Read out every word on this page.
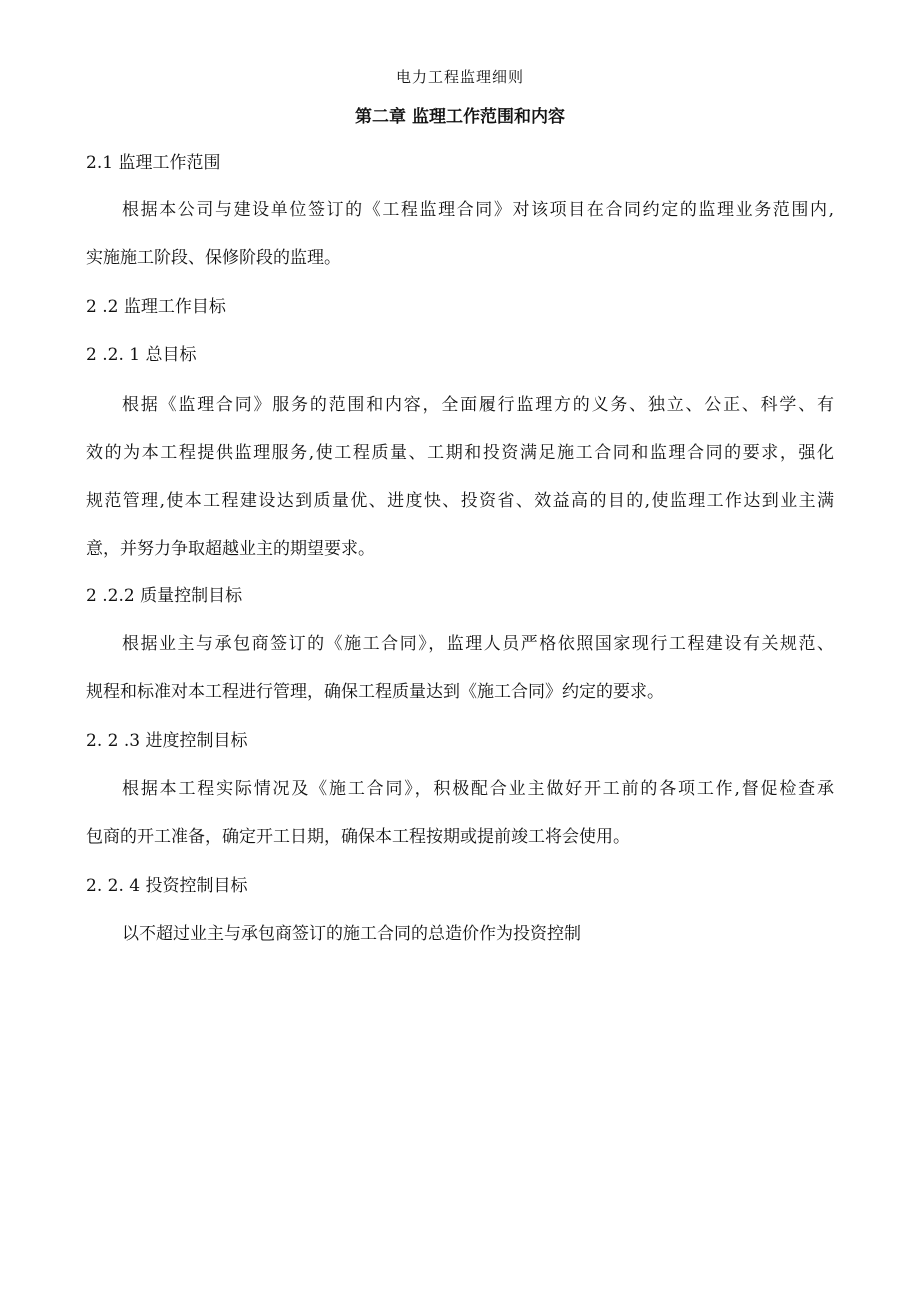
电力工程监理细则
第二章 监理工作范围和内容
2.1 监理工作范围
根据本公司与建设单位签订的《工程监理合同》对该项目在合同约定的监理业务范围内,
实施施工阶段、保修阶段的监理。
2 .2 监理工作目标
2 .2. 1 总目标
根据《监理合同》服务的范围和内容，全面履行监理方的义务、独立、公正、科学、有
效的为本工程提供监理服务,使工程质量、工期和投资满足施工合同和监理合同的要求，强化
规范管理,使本工程建设达到质量优、进度快、投资省、效益高的目的,使监理工作达到业主满
意，并努力争取超越业主的期望要求。
2 .2.2 质量控制目标
根据业主与承包商签订的《施工合同》，监理人员严格依照国家现行工程建设有关规范、
规程和标准对本工程进行管理，确保工程质量达到《施工合同》约定的要求。
2. 2 .3 进度控制目标
根据本工程实际情况及《施工合同》，积极配合业主做好开工前的各项工作,督促检查承
包商的开工准备，确定开工日期，确保本工程按期或提前竣工将会使用。
2. 2. 4 投资控制目标
以不超过业主与承包商签订的施工合同的总造价作为投资控制
